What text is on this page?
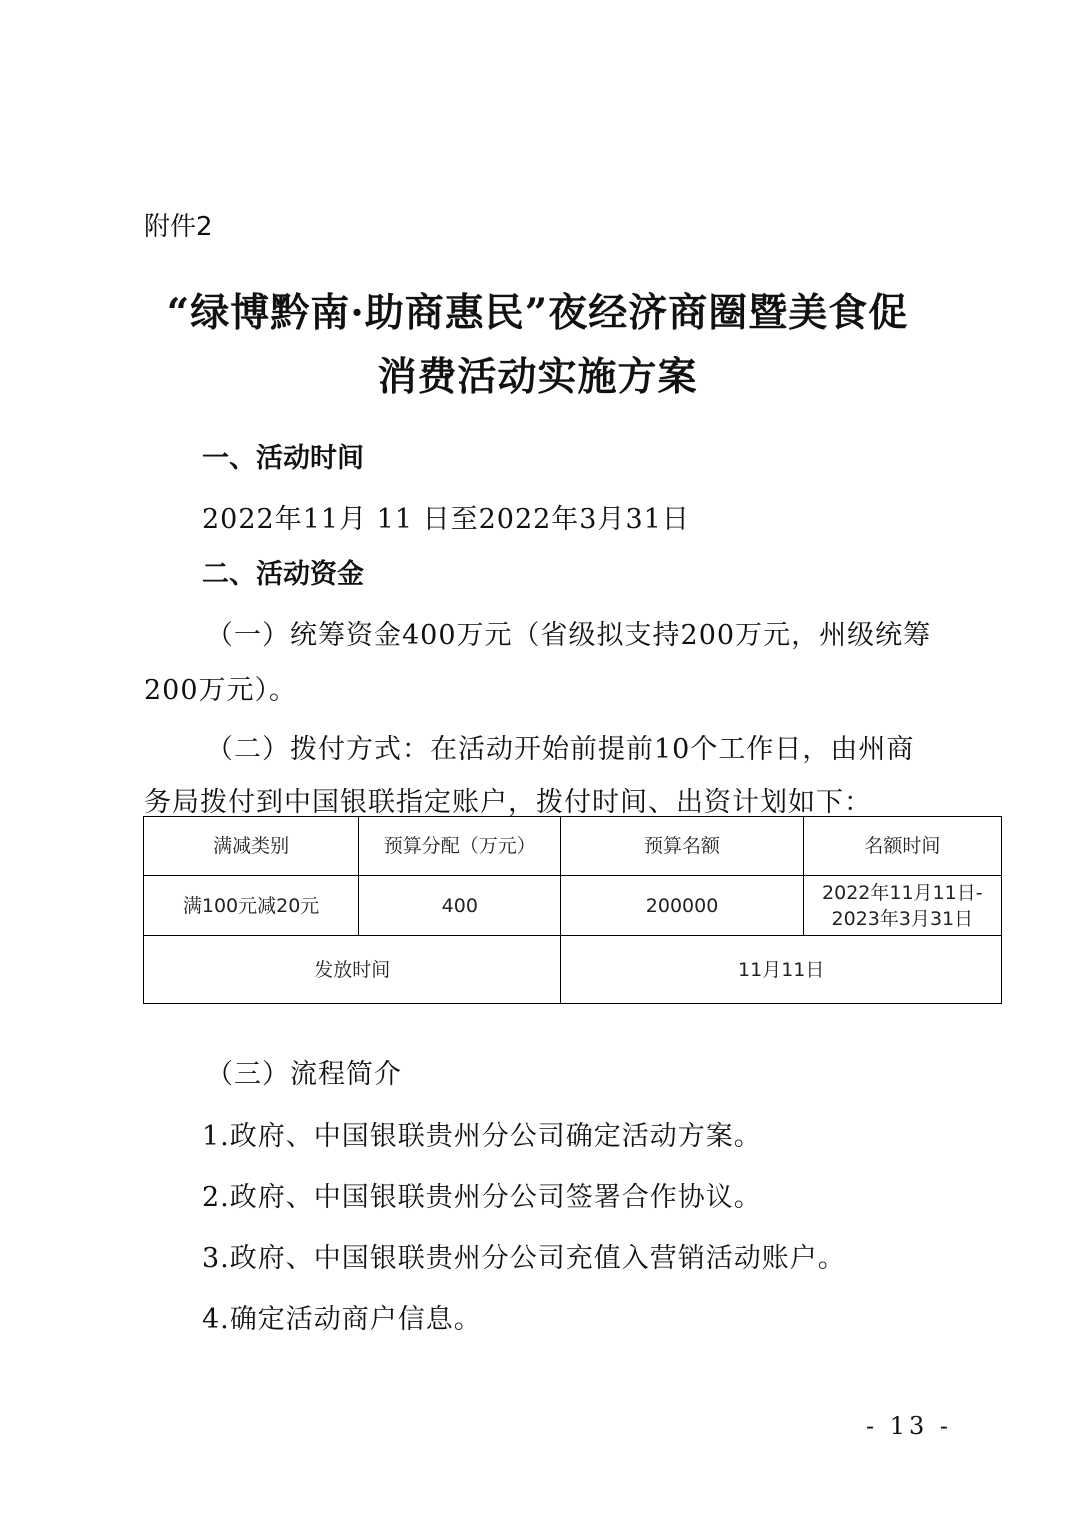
附件2
“绿博黔南·助商惠民”夜经济商圈暨美食促
消费活动实施方案
一、活动时间
2022年11月 11 日至2022年3月31日
二、活动资金
（一）统筹资金400万元（省级拟支持200万元，州级统筹
200万元）。
（二）拨付方式：在活动开始前提前10个工作日，由州商
务局拨付到中国银联指定账户，拨付时间、出资计划如下：
满减类别	预算分配（万元）	预算名额	名额时间
满100元减20元	400	200000	2022年11月11日-
2023年3月31日

发放时间		11月11日	
（三）流程简介
1.政府、中国银联贵州分公司确定活动方案。
2.政府、中国银联贵州分公司签署合作协议。
3.政府、中国银联贵州分公司充值入营销活动账户。
4.确定活动商户信息。
- 13 -
